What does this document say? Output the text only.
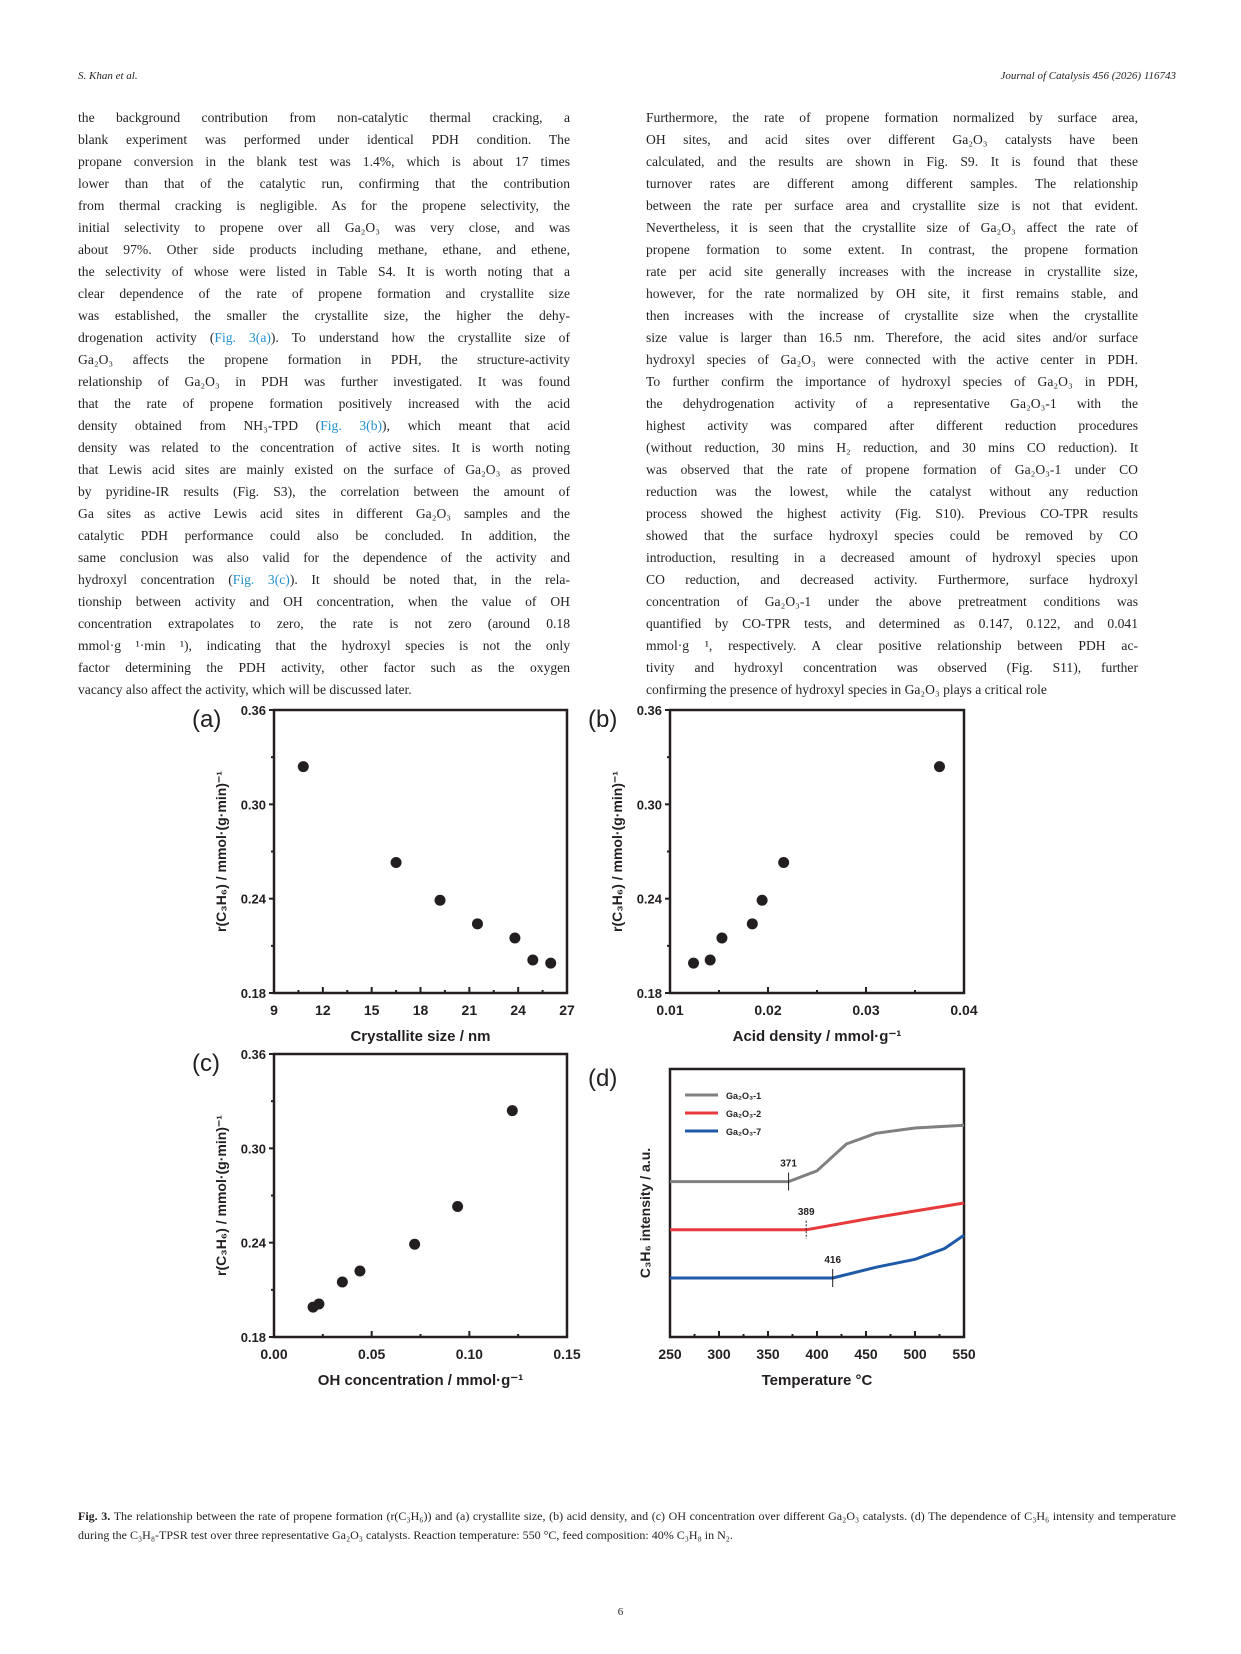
S. Khan et al.	Journal of Catalysis 456 (2026) 116743
the background contribution from non-catalytic thermal cracking, a
blank experiment was performed under identical PDH condition. The
propane conversion in the blank test was 1.4%, which is about 17 times
lower than that of the catalytic run, confirming that the contribution
from thermal cracking is negligible. As for the propene selectivity, the
initial selectivity to propene over all Ga₂O₃ was very close, and was
about 97%. Other side products including methane, ethane, and ethene,
the selectivity of whose were listed in Table S4. It is worth noting that a
clear dependence of the rate of propene formation and crystallite size
was established, the smaller the crystallite size, the higher the dehy-
drogenation activity (Fig. 3(a)). To understand how the crystallite size of
Ga₂O₃ affects the propene formation in PDH, the structure-activity
relationship of Ga₂O₃ in PDH was further investigated. It was found
that the rate of propene formation positively increased with the acid
density obtained from NH₃-TPD (Fig. 3(b)), which meant that acid
density was related to the concentration of active sites. It is worth noting
that Lewis acid sites are mainly existed on the surface of Ga₂O₃ as proved
by pyridine-IR results (Fig. S3), the correlation between the amount of
Ga sites as active Lewis acid sites in different Ga₂O₃ samples and the
catalytic PDH performance could also be concluded. In addition, the
same conclusion was also valid for the dependence of the activity and
hydroxyl concentration (Fig. 3(c)). It should be noted that, in the rela-
tionship between activity and OH concentration, when the value of OH
concentration extrapolates to zero, the rate is not zero (around 0.18
mmol·g ¹·min ¹), indicating that the hydroxyl species is not the only
factor determining the PDH activity, other factor such as the oxygen
vacancy also affect the activity, which will be discussed later.
Furthermore, the rate of propene formation normalized by surface area,
OH sites, and acid sites over different Ga₂O₃ catalysts have been
calculated, and the results are shown in Fig. S9. It is found that these
turnover rates are different among different samples. The relationship
between the rate per surface area and crystallite size is not that evident.
Nevertheless, it is seen that the crystallite size of Ga₂O₃ affect the rate of
propene formation to some extent. In contrast, the propene formation
rate per acid site generally increases with the increase in crystallite size,
however, for the rate normalized by OH site, it first remains stable, and
then increases with the increase of crystallite size when the crystallite
size value is larger than 16.5 nm. Therefore, the acid sites and/or surface
hydroxyl species of Ga₂O₃ were connected with the active center in PDH.
To further confirm the importance of hydroxyl species of Ga₂O₃ in PDH,
the dehydrogenation activity of a representative Ga₂O₃-1 with the
highest activity was compared after different reduction procedures
(without reduction, 30 mins H₂ reduction, and 30 mins CO reduction). It
was observed that the rate of propene formation of Ga₂O₃-1 under CO
reduction was the lowest, while the catalyst without any reduction
process showed the highest activity (Fig. S10). Previous CO-TPR results
showed that the surface hydroxyl species could be removed by CO
introduction, resulting in a decreased amount of hydroxyl species upon
CO reduction, and decreased activity. Furthermore, surface hydroxyl
concentration of Ga₂O₃-1 under the above pretreatment conditions was
quantified by CO-TPR tests, and determined as 0.147, 0.122, and 0.041
mmol·g ¹, respectively. A clear positive relationship between PDH ac-
tivity and hydroxyl concentration was observed (Fig. S11), further
confirming the presence of hydroxyl species in Ga₂O₃ plays a critical role
(a)
9	12 15 18 21 24 27
Crystallite size / nm
0.18
0.24
0.30
0.36
r(C₃H₆) / mmol·(g·min)⁻¹
(b)
0.01	0.02	0.03	0.04
Acid density / mmol·g⁻¹
0.18
0.24
0.30
0.36
r(C₃H₆) / mmol·(g·min)⁻¹
(c)
0.00	0.05	0.10	0.15
OH concentration / mmol·g⁻¹
0.18
0.24
0.30
0.36
r(C₃H₆) / mmol·(g·min)⁻¹
(d)
250 300 350 400 450 500 550
Temperature °C
C₃H₆ intensity / a.u.
Ga₂O₃-1
371
Ga₂O₃-2
389
Ga₂O₃-7
416
Fig. 3. The relationship between the rate of propene formation (r(C₃H₆)) and (a) crystallite size, (b) acid density, and (c) OH concentration over different Ga₂O₃ catalysts. (d) The dependence of C₃H₆ intensity and temperature during the C₃H₈-TPSR test over three representative Ga₂O₃ catalysts. Reaction temperature: 550 °C, feed composition: 40% C₃H₈ in N₂.
6
